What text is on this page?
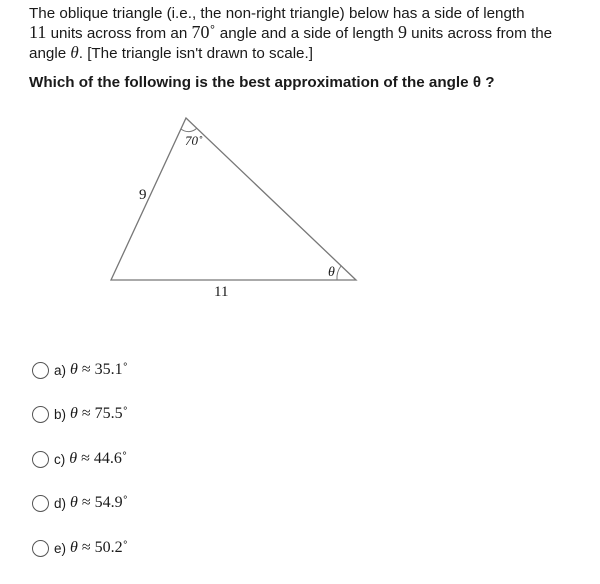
The oblique triangle (i.e., the non-right triangle) below has a side of length
11 units across from an 70˚ angle and a side of length 9 units across from the angle θ. [The triangle isn't drawn to scale.]
Which of the following is the best approximation of the angle θ ?
70˚
9
11
θ
a) θ ≈ 35.1˚
b) θ ≈ 75.5˚
c) θ ≈ 44.6˚
d) θ ≈ 54.9˚
e) θ ≈ 50.2˚
